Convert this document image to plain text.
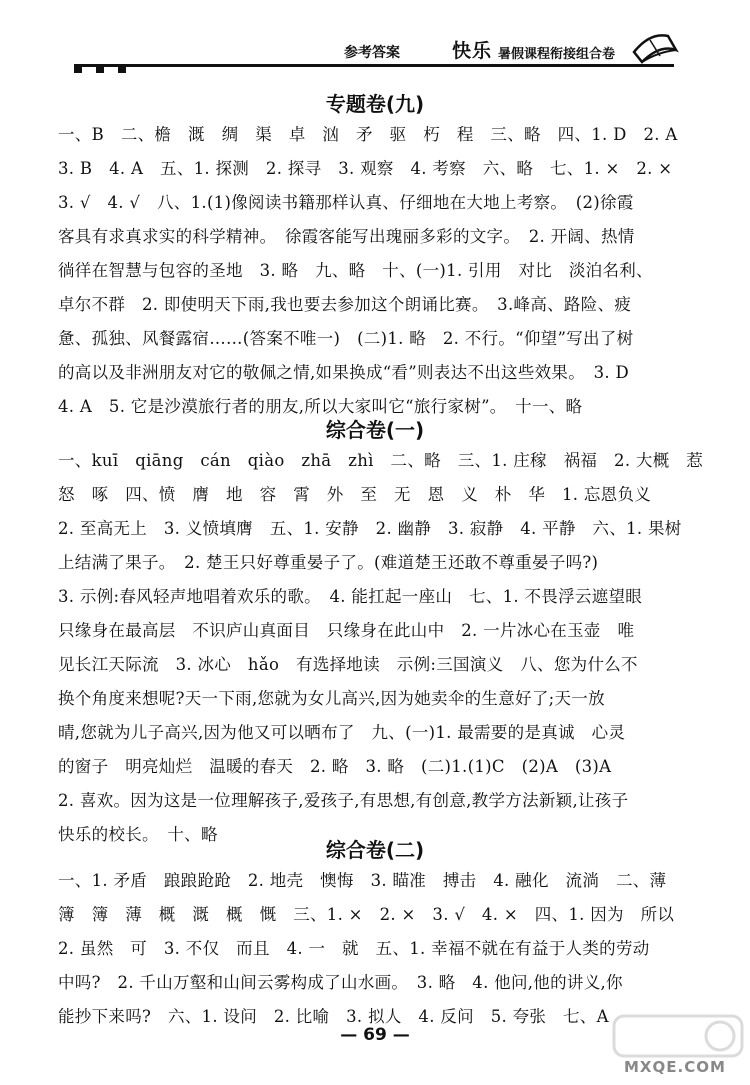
参考答案	快乐 暑假课程衔接组合卷
专题卷(九)
一、B　二、檐　溉　绸　渠　卓　汹　矛　驱　朽　程　三、略　四、1. D　2. A
3. B　4. A　五、1. 探测　2. 探寻　3. 观察　4. 考察　六、略　七、1. ×　2. ×
3. √　4. √　八、1.(1)像阅读书籍那样认真、仔细地在大地上考察。　(2)徐霞
客具有求真求实的科学精神。　徐霞客能写出瑰丽多彩的文字。　2. 开阔、热情
徜徉在智慧与包容的圣地　3. 略　九、略　十、(一)1. 引用　对比　淡泊名利、
卓尔不群　2. 即使明天下雨,我也要去参加这个朗诵比赛。　3.峰高、路险、疲
惫、孤独、风餐露宿……(答案不唯一)　(二)1. 略　2. 不行。“仰望”写出了树
的高以及非洲朋友对它的敬佩之情,如果换成“看”则表达不出这些效果。　3. D
4. A　5. 它是沙漠旅行者的朋友,所以大家叫它“旅行家树”。　十一、略
综合卷(一)
一、kuī　qiāng　cán　qiào　zhā　zhì　二、略　三、1. 庄稼　祸福　2. 大概　惹
怒　啄　四、愤　膺　地　容　霄　外　至　无　恩　义　朴　华　1. 忘恩负义
2. 至高无上　3. 义愤填膺　五、1. 安静　2. 幽静　3. 寂静　4. 平静　六、1. 果树
上结满了果子。　2. 楚王只好尊重晏子了。(难道楚王还敢不尊重晏子吗?)
3. 示例:春风轻声地唱着欢乐的歌。　4. 能扛起一座山　七、1. 不畏浮云遮望眼
只缘身在最高层　不识庐山真面目　只缘身在此山中　2. 一片冰心在玉壶　唯
见长江天际流　3. 冰心　hǎo　有选择地读　示例:三国演义　八、您为什么不
换个角度来想呢?天一下雨,您就为女儿高兴,因为她卖伞的生意好了;天一放
晴,您就为儿子高兴,因为他又可以晒布了　九、(一)1. 最需要的是真诚　心灵
的窗子　明亮灿烂　温暖的春天　2. 略　3. 略　(二)1.(1)C　(2)A　(3)A
2. 喜欢。因为这是一位理解孩子,爱孩子,有思想,有创意,教学方法新颖,让孩子
快乐的校长。　十、略
综合卷(二)
一、1. 矛盾　踉踉跄跄　2. 地壳　懊悔　3. 瞄准　搏击　4. 融化　流淌　二、薄
簿　簿　薄　概　溉　概　慨　三、1. ×　2. ×　3. √　4. ×　四、1. 因为　所以
2. 虽然　可　3. 不仅　而且　4. 一　就　五、1. 幸福不就在有益于人类的劳动
中吗?　2. 千山万壑和山间云雾构成了山水画。　3. 略　4. 他问,他的讲义,你
能抄下来吗?　六、1. 设问　2. 比喻　3. 拟人　4. 反问　5. 夸张　七、A
— 69 —
MXQE.COM
